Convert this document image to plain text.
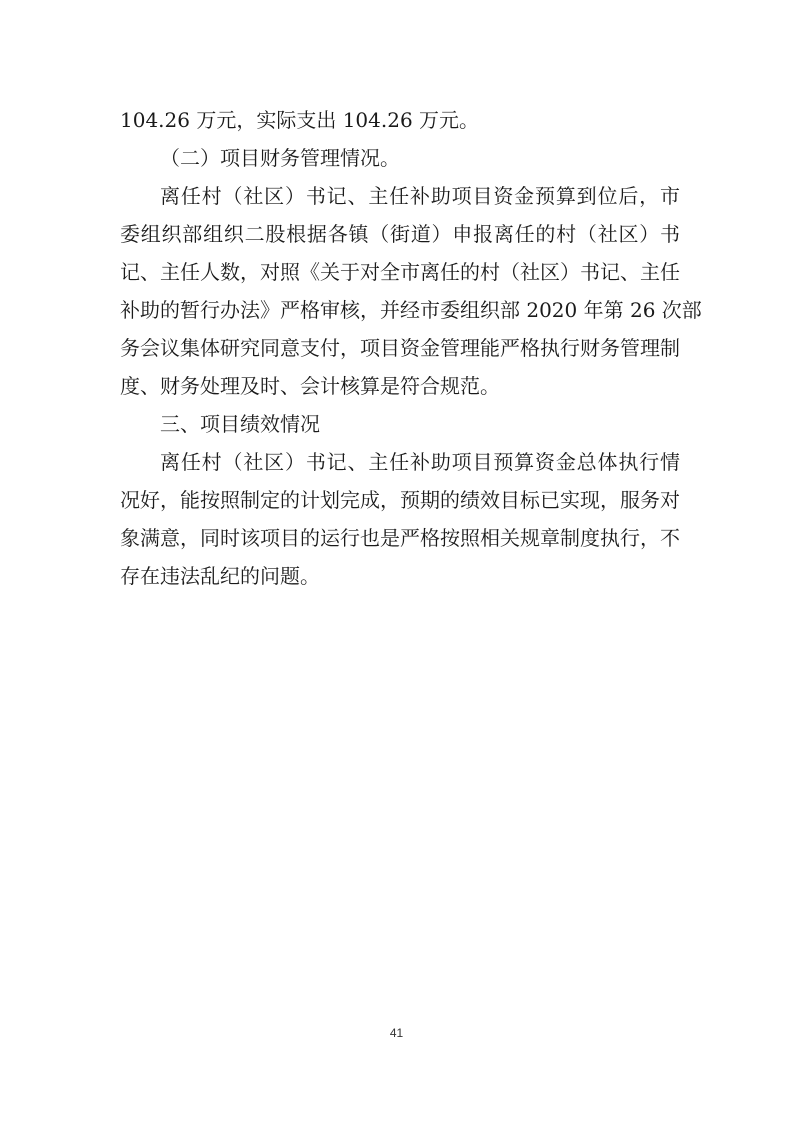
104.26 万元，实际支出 104.26 万元。
（二）项目财务管理情况。
离任村（社区）书记、主任补助项目资金预算到位后，市
委组织部组织二股根据各镇（街道）申报离任的村（社区）书
记、主任人数，对照《关于对全市离任的村（社区）书记、主任
补助的暂行办法》严格审核，并经市委组织部 2020 年第 26 次部
务会议集体研究同意支付，项目资金管理能严格执行财务管理制
度、财务处理及时、会计核算是符合规范。
三、项目绩效情况
离任村（社区）书记、主任补助项目预算资金总体执行情
况好，能按照制定的计划完成，预期的绩效目标已实现，服务对
象满意，同时该项目的运行也是严格按照相关规章制度执行，不
存在违法乱纪的问题。
41
